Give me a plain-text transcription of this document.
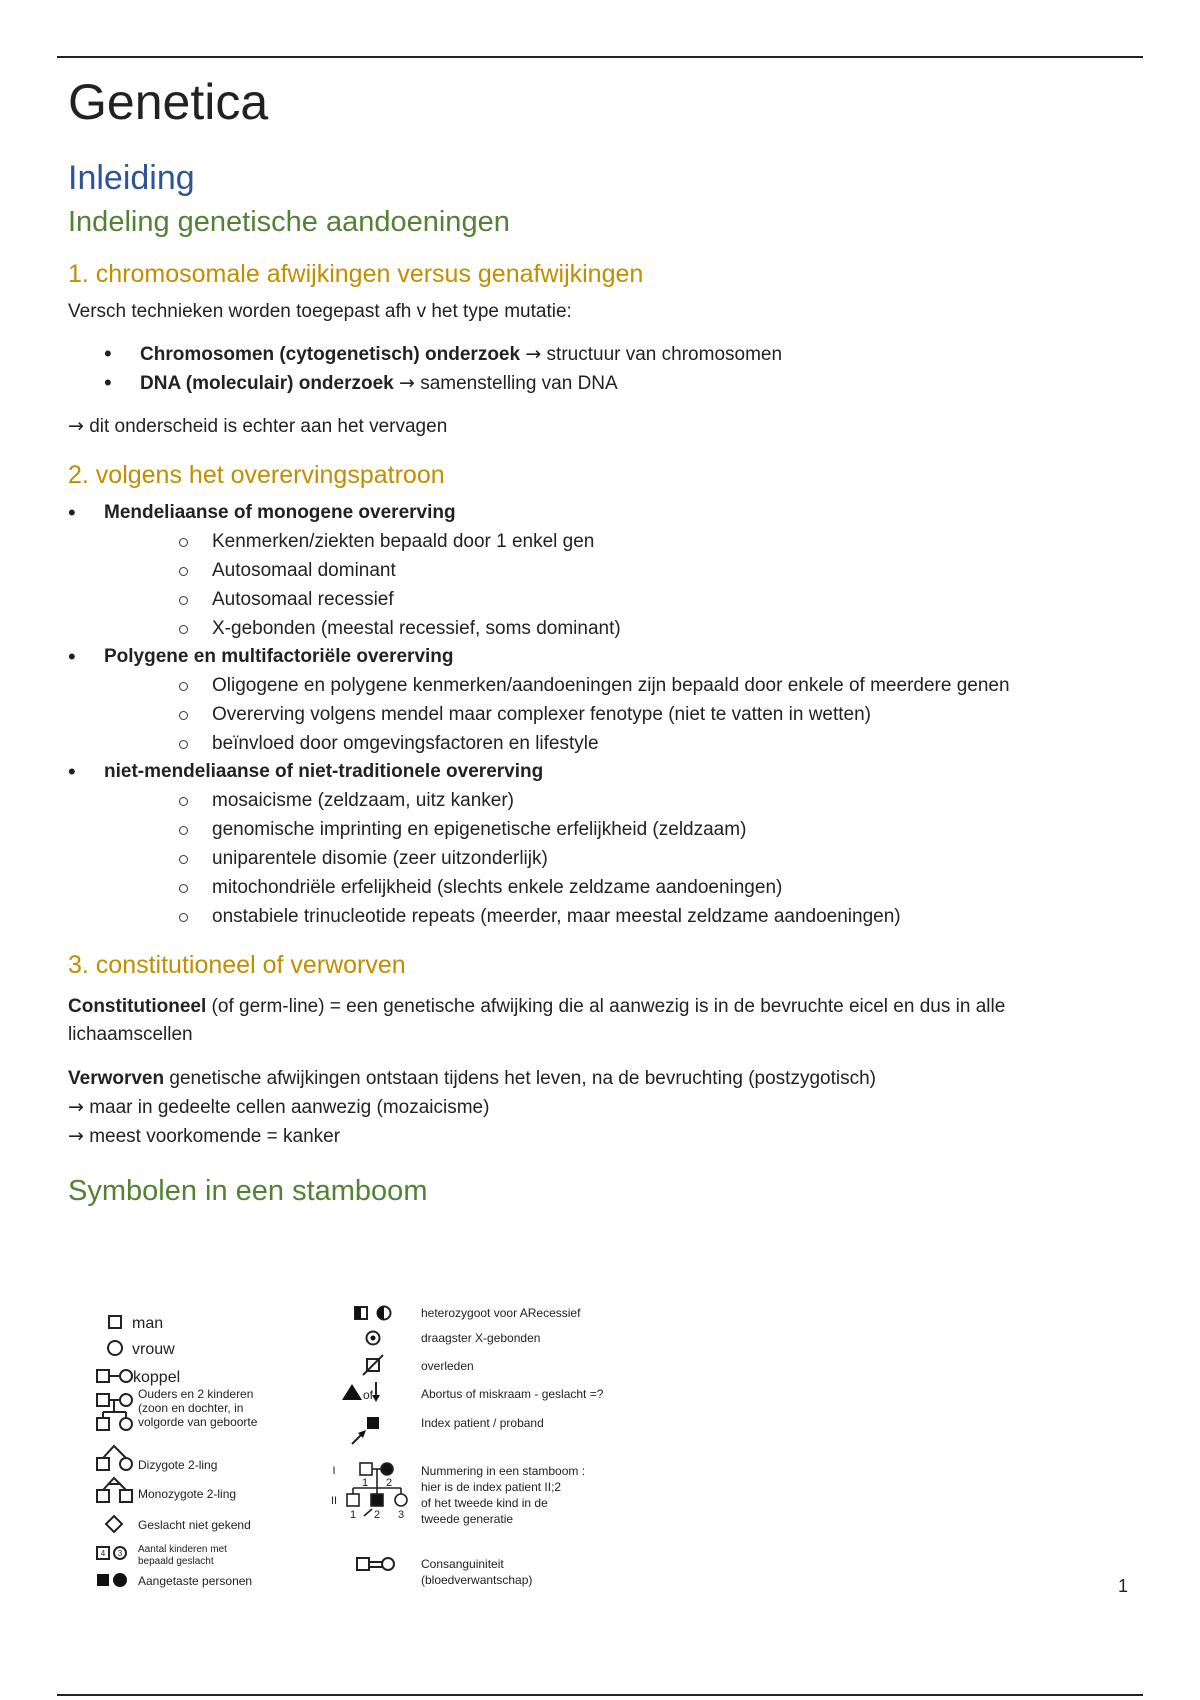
Genetica
Inleiding
Indeling genetische aandoeningen
1. chromosomale afwijkingen versus genafwijkingen

Versch technieken worden toegepast afh v het type mutatie:

• Chromosomen (cytogenetisch) onderzoek → structuur van chromosomen
• DNA (moleculair) onderzoek → samenstelling van DNA

→ dit onderscheid is echter aan het vervagen

2. volgens het overervingspatroon
• Mendeliaanse of monogene overerving
Kenmerken/ziekten bepaald door 1 enkel gen
Autosomaal dominant
Autosomaal recessief
X-gebonden (meestal recessief, soms dominant)
• Polygene en multifactoriële overerving
Oligogene en polygene kenmerken/aandoeningen zijn bepaald door enkele of meerdere genen
Overerving volgens mendel maar complexer fenotype (niet te vatten in wetten)
beïnvloed door omgevingsfactoren en lifestyle
• niet-mendeliaanse of niet-traditionele overerving
mosaicisme (zeldzaam, uitz kanker)
genomische imprinting en epigenetische erfelijkheid (zeldzaam)
uniparentele disomie (zeer uitzonderlijk)
mitochondriële erfelijkheid (slechts enkele zeldzame aandoeningen)
onstabiele trinucleotide repeats (meerder, maar meestal zeldzame aandoeningen)
3. constitutioneel of verworven

Constitutioneel (of germ-line) = een genetische afwijking die al aanwezig is in de bevruchte eicel en dus in alle lichaamscellen

Verworven genetische afwijkingen ontstaan tijdens het leven, na de bevruchting (postzygotisch)
→ maar in gedeelte cellen aanwezig (mozaicisme)
→ meest voorkomende = kanker

Symbolen in een stamboom
4 3
man
vrouw
koppel
Ouders en 2 kinderen
(zoon en dochter, in
volgorde van geboorte
Dizygote 2-ling
Monozygote 2-ling
Geslacht niet gekend
Aantal kinderen met
bepaald geslacht
Aangetaste personen
of
I
II
1 2
1 2 3
heterozygoot voor ARecessief
draagster X-gebonden
overleden
Abortus of miskraam - geslacht =?
Index patient / proband
Nummering in een stamboom :
hier is de index patient II;2
of het tweede kind in de
tweede generatie
Consanguiniteit
(bloedverwantschap)	1
